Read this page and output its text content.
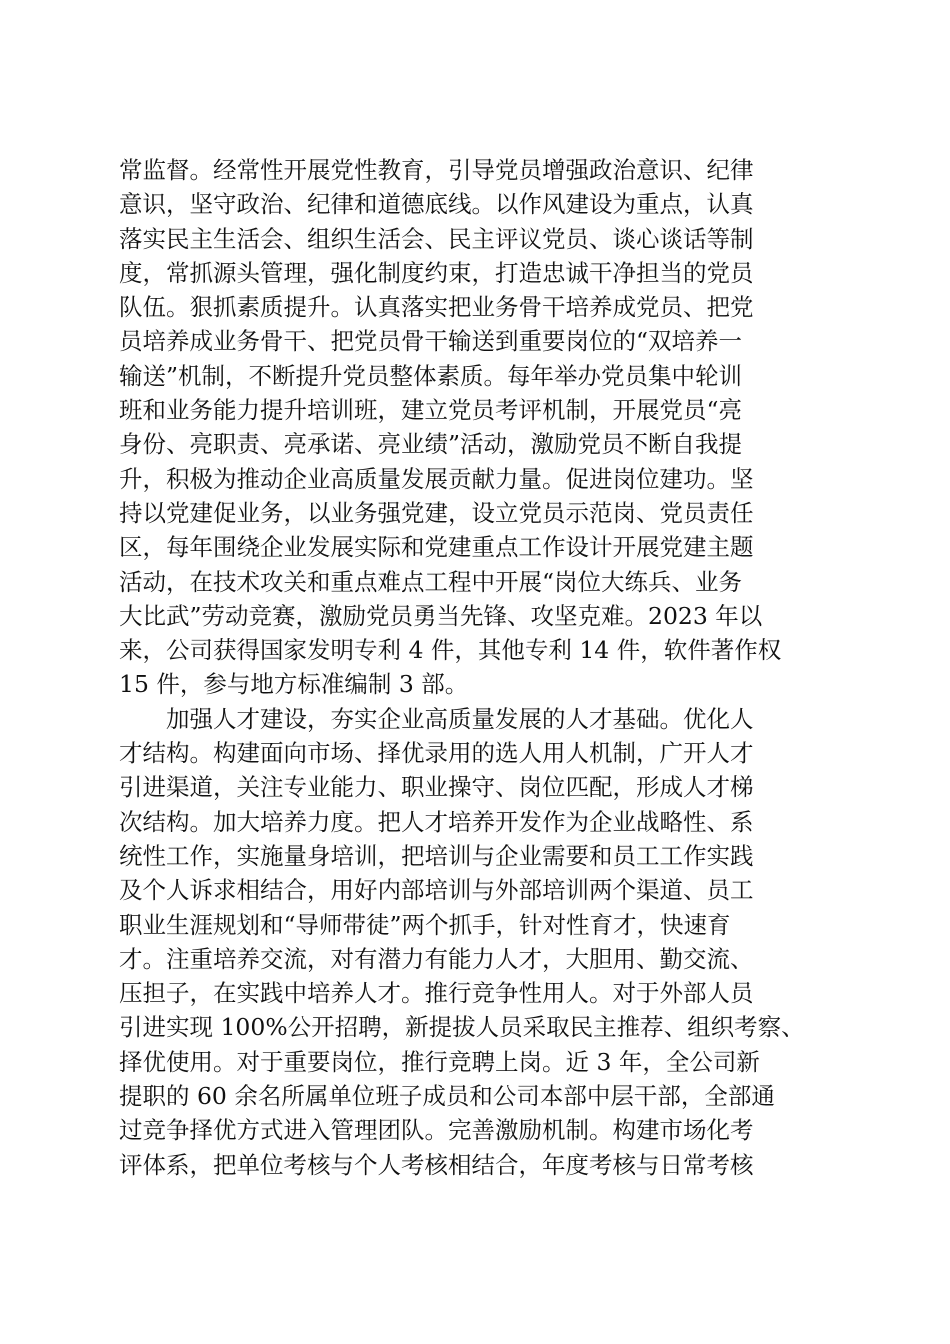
常监督。经常性开展党性教育，引导党员增强政治意识、纪律
意识，坚守政治、纪律和道德底线。以作风建设为重点，认真
落实民主生活会、组织生活会、民主评议党员、谈心谈话等制
度，常抓源头管理，强化制度约束，打造忠诚干净担当的党员
队伍。狠抓素质提升。认真落实把业务骨干培养成党员、把党
员培养成业务骨干、把党员骨干输送到重要岗位的“双培养一
输送”机制，不断提升党员整体素质。每年举办党员集中轮训
班和业务能力提升培训班，建立党员考评机制，开展党员“亮
身份、亮职责、亮承诺、亮业绩”活动，激励党员不断自我提
升，积极为推动企业高质量发展贡献力量。促进岗位建功。坚
持以党建促业务，以业务强党建，设立党员示范岗、党员责任
区，每年围绕企业发展实际和党建重点工作设计开展党建主题
活动，在技术攻关和重点难点工程中开展“岗位大练兵、业务
大比武”劳动竞赛，激励党员勇当先锋、攻坚克难。2023 年以
来，公司获得国家发明专利 4 件，其他专利 14 件，软件著作权
15 件，参与地方标准编制 3 部。
　　加强人才建设，夯实企业高质量发展的人才基础。优化人
才结构。构建面向市场、择优录用的选人用人机制，广开人才
引进渠道，关注专业能力、职业操守、岗位匹配，形成人才梯
次结构。加大培养力度。把人才培养开发作为企业战略性、系
统性工作，实施量身培训，把培训与企业需要和员工工作实践
及个人诉求相结合，用好内部培训与外部培训两个渠道、员工
职业生涯规划和“导师带徒”两个抓手，针对性育才，快速育
才。注重培养交流，对有潜力有能力人才，大胆用、勤交流、
压担子，在实践中培养人才。推行竞争性用人。对于外部人员
引进实现 100%公开招聘，新提拔人员采取民主推荐、组织考察、
择优使用。对于重要岗位，推行竞聘上岗。近 3 年，全公司新
提职的 60 余名所属单位班子成员和公司本部中层干部，全部通
过竞争择优方式进入管理团队。完善激励机制。构建市场化考
评体系，把单位考核与个人考核相结合，年度考核与日常考核
